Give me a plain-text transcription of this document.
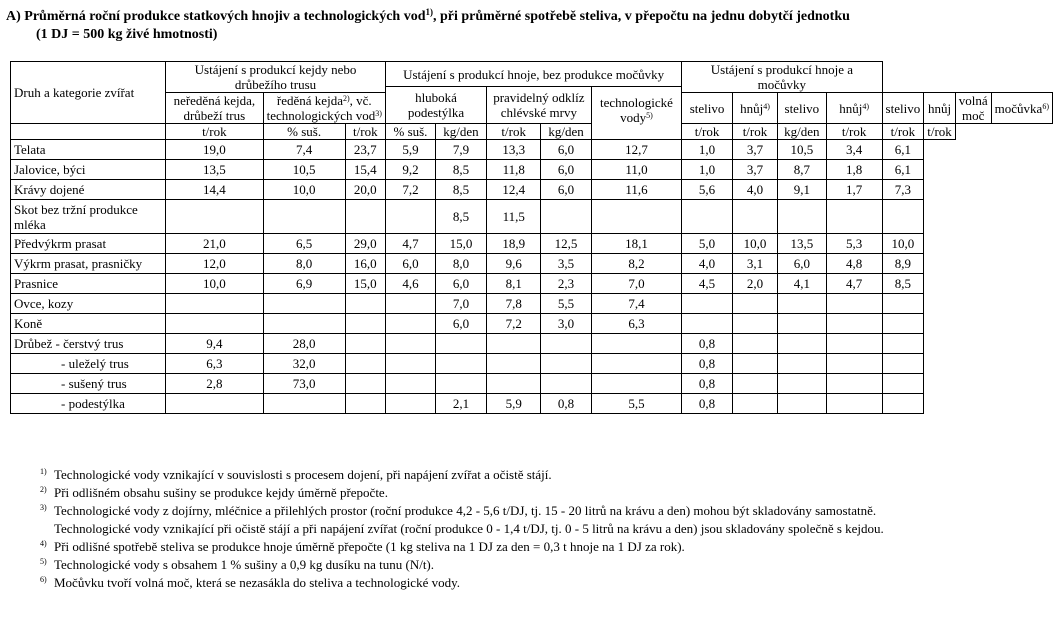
A) Průměrná roční produkce statkových hnojiv a technologických vod$^{1)}$, při průměrné spotřebě steliva, v přepočtu na jednu dobytčí jednotku
(1 DJ = 500 kg živé hmotnosti)
Druh a kategorie zvířat	Ustájení s produkcí kejdy nebo drůbežího trusu			Ustájení s produkcí hnoje, bez produkce močůvky					Ustájení s produkcí hnoje a močůvky							
				hluboká podestýlka		pravidelný odklíz chlévské mrvy		technologické vody$^{5)}$
	neředěná kejda, drůbeží trus	ředěná kejda$^{2)}$, vč. technologických vod$^{3)}$							stelivo	hnůj$^{4)}$	stelivo	hnůj$^{4)}$	stelivo	hnůj	volná moč	močůvka$^{6)}$
	t/rok	% suš.	t/rok	% suš.	kg/den	t/rok	kg/den		t/rok	t/rok	kg/den	t/rok	t/rok	t/rok		
Telata	19,0	7,4	23,7	5,9	7,9	13,3	6,0	12,7	1,0	3,7	10,5	3,4	6,1			
Jalovice, býci	13,5	10,5	15,4	9,2	8,5	11,8	6,0	11,0	1,0	3,7	8,7	1,8	6,1			
Krávy dojené	14,4	10,0	20,0	7,2	8,5	12,4	6,0	11,6	5,6	4,0	9,1	1,7	7,3			
Skot bez tržní produkce mléka					8,5	11,5										
Předvýkrm prasat	21,0	6,5	29,0	4,7	15,0	18,9	12,5	18,1	5,0	10,0	13,5	5,3	10,0			
Výkrm prasat, prasničky	12,0	8,0	16,0	6,0	8,0	9,6	3,5	8,2	4,0	3,1	6,0	4,8	8,9			
Prasnice	10,0	6,9	15,0	4,6	6,0	8,1	2,3	7,0	4,5	2,0	4,1	4,7	8,5			
Ovce, kozy					7,0	7,8	5,5	7,4								
Koně					6,0	7,2	3,0	6,3								
Drůbež - čerstvý trus	9,4	28,0							0,8							
- uleželý trus	6,3	32,0							0,8							
- sušený trus	2,8	73,0							0,8							
- podestýlka					2,1	5,9	0,8	5,5	0,8							
1) Technologické vody vznikající v souvislosti s procesem dojení, při napájení zvířat a očistě stájí.
2) Při odlišném obsahu sušiny se produkce kejdy úměrně přepočte.
3) Technologické vody z dojírny, mléčnice a přilehlých prostor (roční produkce 4,2 - 5,6 t/DJ, tj. 15 - 20 litrů na krávu a den) mohou být skladovány samostatně.
Technologické vody vznikající při očistě stájí a při napájení zvířat (roční produkce 0 - 1,4 t/DJ, tj. 0 - 5 litrů na krávu a den) jsou skladovány společně s kejdou.
4) Při odlišné spotřebě steliva se produkce hnoje úměrně přepočte (1 kg steliva na 1 DJ za den = 0,3 t hnoje na 1 DJ za rok).
5) Technologické vody s obsahem 1 % sušiny a 0,9 kg dusíku na tunu (N/t).
6) Močůvku tvoří volná moč, která se nezasákla do steliva a technologické vody.
